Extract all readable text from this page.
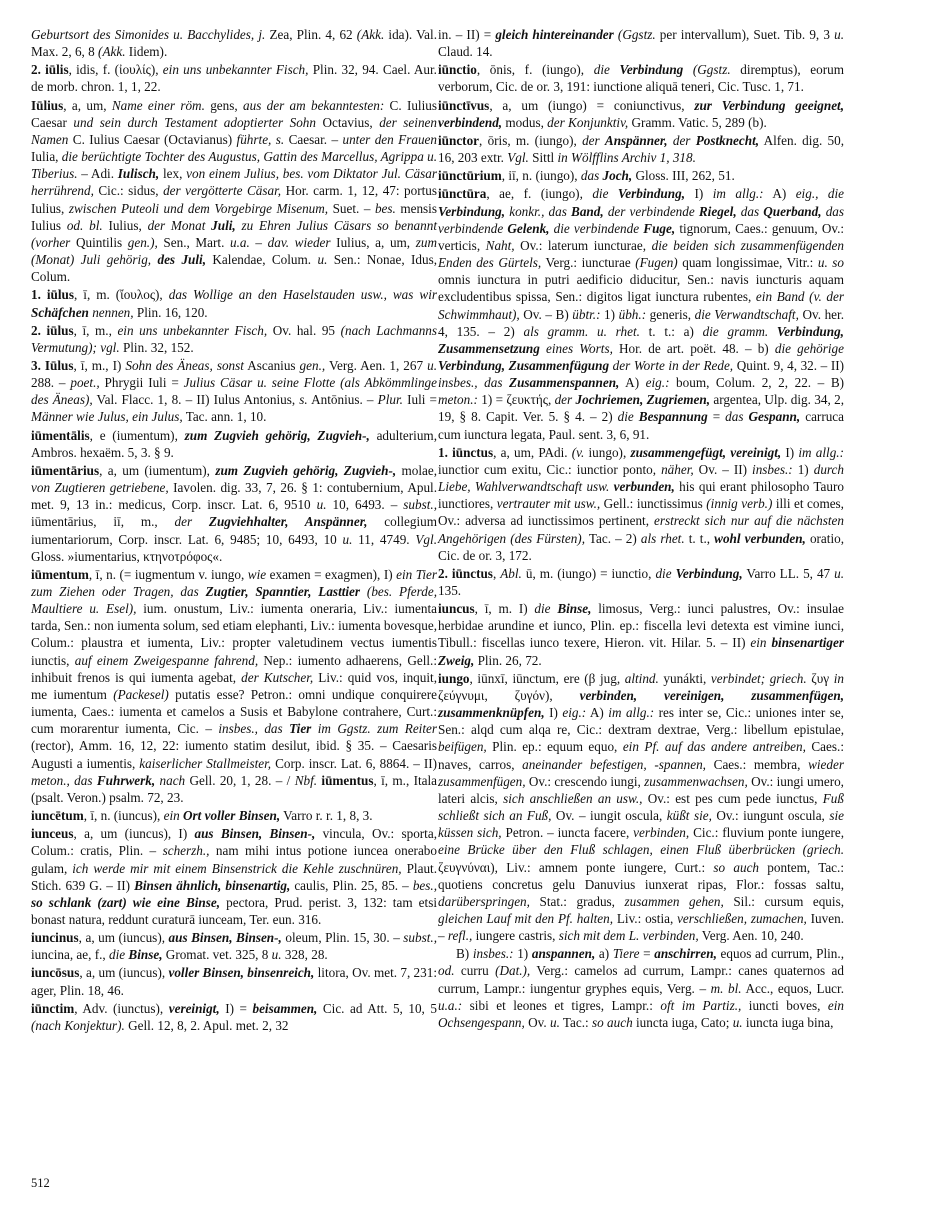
Geburtsort des Simonides u. Bacchylides, j. Zea, Plin. 4, 62 (Akk. ida). Val. Max. 2, 6, 8 (Akk. Iidem).
2. iūlis, idis, f. (ἰουλίς), ein uns unbekannter Fisch, Plin. 32, 94. Cael. Aur. de morb. chron. 1, 1, 22.
Iūlius, a, um, Name einer röm. gens, aus der am bekanntesten: C. Iulius Caesar und sein durch Testament adoptierter Sohn Octavius, der seinen Namen C. Iulius Caesar (Octavianus) führte, s. Caesar. – unter den Frauen Iulia, die berüchtigte Tochter des Augustus, Gattin des Marcellus, Agrippa u. Tiberius. – Adi. Iulisch, lex, von einem Julius, bes. vom Diktator Jul. Cäsar herrührend, Cic.: sidus, der vergötterte Cäsar, Hor. carm. 1, 12, 47: portus Iulius, zwischen Puteoli und dem Vorgebirge Misenum, Suet. – bes. mensis Iulius od. bl. Iulius, der Monat Juli, zu Ehren Julius Cäsars so benannt (vorher Quintilis gen.), Sen., Mart. u.a. – dav. wieder Iulius, a, um, zum (Monat) Juli gehörig, des Juli, Kalendae, Colum. u. Sen.: Nonae, Idus, Colum.
1. iūlus, ī, m. (ἴουλος), das Wollige an den Haselstauden usw., was wir Schäfchen nennen, Plin. 16, 120.
2. iūlus, ī, m., ein uns unbekannter Fisch, Ov. hal. 95 (nach Lachmanns Vermutung); vgl. Plin. 32, 152.
3. Iūlus, ī, m., I) Sohn des Äneas, sonst Ascanius gen., Verg. Aen. 1, 267 u. 288. – poet., Phrygii Iuli = Julius Cäsar u. seine Flotte (als Abkömmlinge des Äneas), Val. Flacc. 1, 8. – II) Iulus Antonius, s. Antōnius. – Plur. Iuli = Männer wie Julus, ein Julus, Tac. ann. 1, 10.
iūmentālis, e (iumentum), zum Zugvieh gehörig, Zugvieh-, adulterium, Ambros. hexaëm. 5, 3. § 9.
iūmentārius, a, um (iumentum), zum Zugvieh gehörig, Zugvieh-, molae, von Zugtieren getriebene, Iavolen. dig. 33, 7, 26. § 1: contubernium, Apul. met. 9, 13 in.: medicus, Corp. inscr. Lat. 6, 9510 u. 10, 6493. – subst., iūmentārius, iī, m., der Zugviehhalter, Anspänner, collegium iumentariorum, Corp. inscr. Lat. 6, 9485; 10, 6493, 10 u. 11, 4749. Vgl. Gloss. »iumentarius, κτηνοτρόφος«.
iūmentum, ī, n. (= iugmentum v. iungo, wie examen = exagmen), I) ein Tier zum Ziehen oder Tragen, das Zugtier, Spanntier, Lasttier (bes. Pferde, Maultiere u. Esel), ium. onustum, Liv.: iumenta oneraria, Liv.: iumenta tarda, Sen.: non iumenta solum, sed etiam elephanti, Liv.: iumenta bovesque, Colum.: plaustra et iumenta, Liv.: propter valetudinem vectus iumentis iunctis, auf einem Zweigespanne fahrend, Nep.: iumento adhaerens, Gell.: inhibuit frenos is qui iumenta agebat, der Kutscher, Liv.: quid vos, inquit, me iumentum (Packesel) putatis esse? Petron.: omni undique conquirere iumenta, Caes.: iumenta et camelos a Susis et Babylone contrahere, Curt.: cum morarentur iumenta, Cic. – insbes., das Tier im Ggstz. zum Reiter (rector), Amm. 16, 12, 22: iumento statim desilut, ibid. § 35. – Caesaris Augusti a iumentis, kaiserlicher Stallmeister, Corp. inscr. Lat. 6, 8864. – II) meton., das Fuhrwerk, nach Gell. 20, 1, 28. – / Nbf. iūmentus, ī, m., Itala (psalt. Veron.) psalm. 72, 23.
iuncētum, ī, n. (iuncus), ein Ort voller Binsen, Varro r. r. 1, 8, 3.
iunceus, a, um (iuncus), I) aus Binsen, Binsen-, vincula, Ov.: sporta, Colum.: cratis, Plin. – scherzh., nam mihi intus potione iuncea onerabo gulam, ich werde mir mit einem Binsenstrick die Kehle zuschnüren, Plaut. Stich. 639 G. – II) Binsen ähnlich, binsenartig, caulis, Plin. 25, 85. – bes., so schlank (zart) wie eine Binse, pectora, Prud. perist. 3, 132: tam etsi bonast natura, reddunt curaturā iunceam, Ter. eun. 316.
iuncinus, a, um (iuncus), aus Binsen, Binsen-, oleum, Plin. 15, 30. – subst., iuncina, ae, f., die Binse, Gromat. vet. 325, 8 u. 328, 28.
iuncōsus, a, um (iuncus), voller Binsen, binsenreich, litora, Ov. met. 7, 231: ager, Plin. 18, 46.
iūnctim, Adv. (iunctus), vereinigt, I) = beisammen, Cic. ad Att. 5, 10, 5 (nach Konjektur). Gell. 12, 8, 2. Apul. met. 2, 32
in. – II) = gleich hintereinander (Ggstz. per intervallum), Suet. Tib. 9, 3 u. Claud. 14.
iūnctio, ōnis, f. (iungo), die Verbindung (Ggstz. diremptus), eorum verborum, Cic. de or. 3, 191: iunctione aliquā teneri, Cic. Tusc. 1, 71.
iūnctīvus, a, um (iungo) = coniunctivus, zur Verbindung geeignet, verbindend, modus, der Konjunktiv, Gramm. Vatic. 5, 289 (b).
iūnctor, ōris, m. (iungo), der Anspänner, der Postknecht, Alfen. dig. 50, 16, 203 extr. Vgl. Sittl in Wölfflins Archiv 1, 318.
iūnctūrium, iī, n. (iungo), das Joch, Gloss. III, 262, 51.
iūnctūra, ae, f. (iungo), die Verbindung, I) im allg.: A) eig., die Verbindung, konkr., das Band, der verbindende Riegel, das Querband, das verbindende Gelenk, die verbindende Fuge, tignorum, Caes.: genuum, Ov.: verticis, Naht, Ov.: laterum iuncturae, die beiden sich zusammenfügenden Enden des Gürtels, Verg.: iuncturae (Fugen) quam longissimae, Vitr.: u. so omnis iunctura in putri aedificio diducitur, Sen.: navis iuncturis aquam excludentibus spissa, Sen.: digitos ligat iunctura rubentes, ein Band (v. der Schwimmhaut), Ov. – B) übtr.: 1) übh.: generis, die Verwandtschaft, Ov. her. 4, 135. – 2) als gramm. u. rhet. t. t.: a) die gramm. Verbindung, Zusammensetzung eines Worts, Hor. de art. poët. 48. – b) die gehörige Verbindung, Zusammenfügung der Worte in der Rede, Quint. 9, 4, 32. – II) insbes., das Zusammenspannen, A) eig.: boum, Colum. 2, 2, 22. – B) meton.: 1) = ζευκτής, der Jochriemen, Zugriemen, argentea, Ulp. dig. 34, 2, 19, § 8. Capit. Ver. 5. § 4. – 2) die Bespannung = das Gespann, carruca cum iunctura legata, Paul. sent. 3, 6, 91.
1. iūnctus, a, um, PAdi. (v. iungo), zusammengefügt, vereinigt, I) im allg.: iunctior cum exitu, Cic.: iunctior ponto, näher, Ov. – II) insbes.: 1) durch Liebe, Wahlverwandtschaft usw. verbunden, his qui erant philosopho Tauro iunctiores, vertrauter mit usw., Gell.: iunctissimus (innig verb.) illi et comes, Ov.: adversa ad iunctissimos pertinent, erstreckt sich nur auf die nächsten Angehörigen (des Fürsten), Tac. – 2) als rhet. t. t., wohl verbunden, oratio, Cic. de or. 3, 172.
2. iūnctus, Abl. ū, m. (iungo) = iunctio, die Verbindung, Varro LL. 5, 47 u. 135.
iuncus, ī, m. I) die Binse, limosus, Verg.: iunci palustres, Ov.: insulae herbidae arundine et iunco, Plin. ep.: fiscella levi detexta est vimine iunci, Tibull.: fiscellas iunco texere, Hieron. vit. Hilar. 5. – II) ein binsenartiger Zweig, Plin. 26, 72.
iungo, iūnxī, iūnctum, ere (β jug, altind. yunákti, verbindet; griech. ζυγ in ζεύγνυμι, ζυγόν), verbinden, vereinigen, zusammenfügen, zusammenknüpfen, I) eig.: A) im allg.: res inter se, Cic.: uniones inter se, Sen.: alqd cum alqa re, Cic.: dextram dextrae, Verg.: libellum epistulae, beifügen, Plin. ep.: equum equo, ein Pf. auf das andere antreiben, Caes.: naves, carros, aneinander befestigen, -spannen, Caes.: membra, wieder zusammenfügen, Ov.: crescendo iungi, zusammenwachsen, Ov.: iungi umero, lateri alcis, sich anschließen an usw., Ov.: est pes cum pede iunctus, Fuß schließt sich an Fuß, Ov. – iungit oscula, küßt sie, Ov.: iungunt oscula, sie küssen sich, Petron. – iuncta facere, verbinden, Cic.: fluvium ponte iungere, eine Brücke über den Fluß schlagen, einen Fluß überbrücken (griech. ζευγνύναι), Liv.: amnem ponte iungere, Curt.: so auch pontem, Tac.: quotiens concretus gelu Danuvius iunxerat ripas, Flor.: fossas saltu, darüberspringen, Stat.: gradus, zusammen gehen, Sil.: cursum equis, gleichen Lauf mit den Pf. halten, Liv.: ostia, verschließen, zumachen, Iuven. – refl., iungere castris, sich mit dem L. verbinden, Verg. Aen. 10, 240.
B) insbes.: 1) anspannen, a) Tiere = anschirren, equos ad currum, Plin., od. curru (Dat.), Verg.: camelos ad currum, Lampr.: canes quaternos ad currum, Lampr.: iungentur gryphes equis, Verg. – m. bl. Acc., equos, Lucr. u.a.: sibi et leones et tigres, Lampr.: oft im Partiz., iuncti boves, ein Ochsengespann, Ov. u. Tac.: so auch iuncta iuga, Cato; u. iuncta iuga bina,
512
